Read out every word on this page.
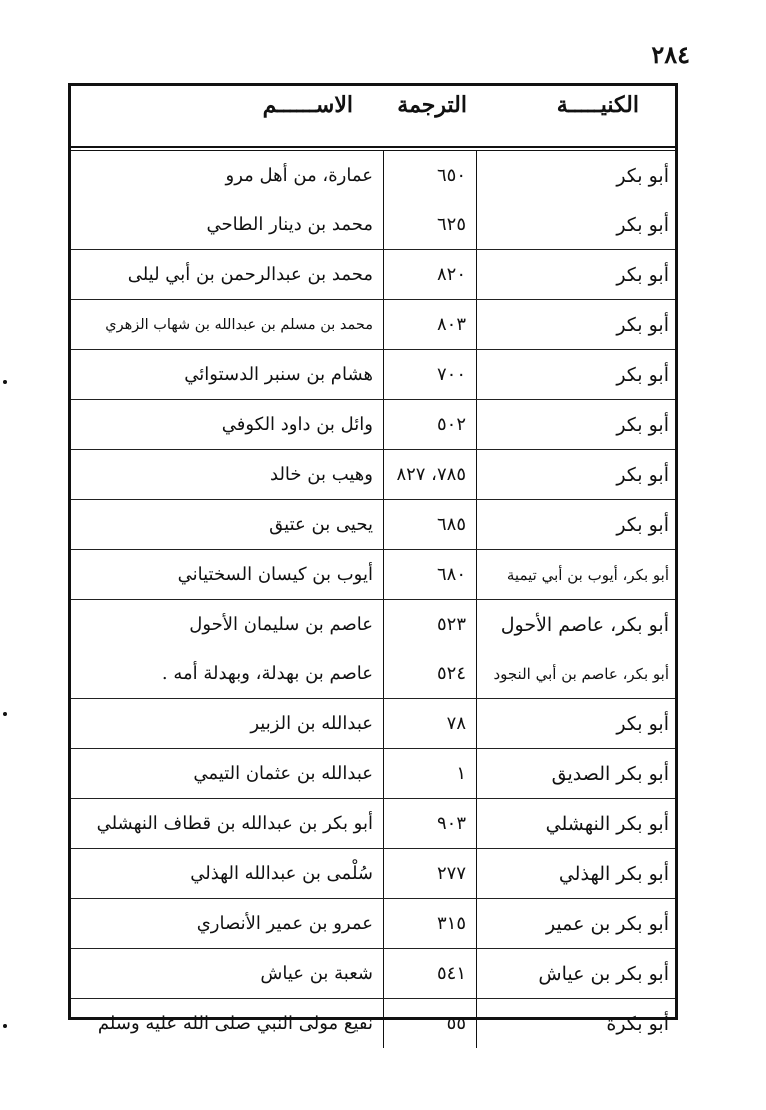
٢٨٤
الكنيـــــة
الترجمة
الاســــــم
أبو بكر
٦٥٠
عمارة، من أهل مرو
أبو بكر
٦٢٥
محمد بن دينار الطاحي
أبو بكر
٨٢٠
محمد بن عبدالرحمن بن أبي ليلى
أبو بكر
٨٠٣
محمد بن مسلم بن عبدالله بن شهاب الزهري
أبو بكر
٧٠٠
هشام بن سنبر الدستوائي
أبو بكر
٥٠٢
وائل بن داود الكوفي
أبو بكر
٧٨٥، ٨٢٧
وهيب بن خالد
أبو بكر
٦٨٥
يحيى بن عتيق
أبو بكر، أيوب بن أبي تيمية
٦٨٠
أيوب بن كيسان السختياني
أبو بكر، عاصم الأحول
٥٢٣
عاصم بن سليمان الأحول
أبو بكر، عاصم بن أبي النجود
٥٢٤
عاصم بن بهدلة، وبهدلة أمه .
أبو بكر
٧٨
عبدالله بن الزبير
أبو بكر الصديق
١
عبدالله بن عثمان التيمي
أبو بكر النهشلي
٩٠٣
أبو بكر بن عبدالله بن قطاف النهشلي
أبو بكر الهذلي
٢٧٧
سُلْمى بن عبدالله الهذلي
أبو بكر بن عمير
٣١٥
عمرو بن عمير الأنصاري
أبو بكر بن عياش
٥٤١
شعبة بن عياش
أبو بكرة
٥٥
نفيع مولى النبي صلى الله عليه وسلم
